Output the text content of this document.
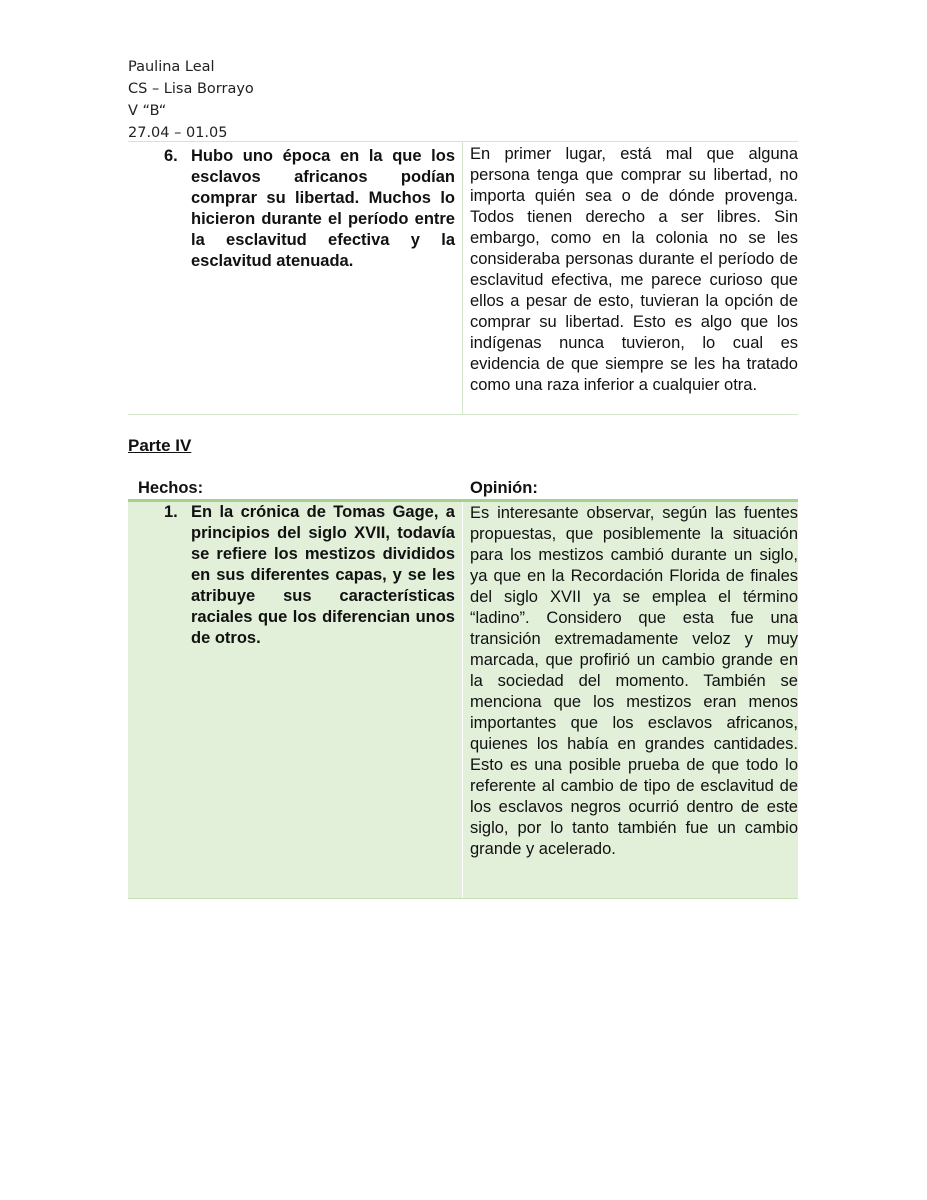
Paulina Leal
CS – Lisa Borrayo
V “B“
27.04 – 01.05
6. Hubo uno época en la que los esclavos africanos podían comprar su libertad. Muchos lo hicieron durante el período entre la esclavitud efectiva y la esclavitud atenuada.
En primer lugar, está mal que alguna persona tenga que comprar su libertad, no importa quién sea o de dónde provenga. Todos tienen derecho a ser libres. Sin embargo, como en la colonia no se les consideraba personas durante el período de esclavitud efectiva, me parece curioso que ellos a pesar de esto, tuvieran la opción de comprar su libertad. Esto es algo que los indígenas nunca tuvieron, lo cual es evidencia de que siempre se les ha tratado como una raza inferior a cualquier otra.
Parte IV
Hechos:	Opinión:
1. En la crónica de Tomas Gage, a principios del siglo XVII, todavía se refiere los mestizos divididos en sus diferentes capas, y se les atribuye sus características raciales que los diferencian unos de otros.
Es interesante observar, según las fuentes propuestas, que posiblemente la situación para los mestizos cambió durante un siglo, ya que en la Recordación Florida de finales del siglo XVII ya se emplea el término “ladino”. Considero que esta fue una transición extremadamente veloz y muy marcada, que profirió un cambio grande en la sociedad del momento. También se menciona que los mestizos eran menos importantes que los esclavos africanos, quienes los había en grandes cantidades. Esto es una posible prueba de que todo lo referente al cambio de tipo de esclavitud de los esclavos negros ocurrió dentro de este siglo, por lo tanto también fue un cambio grande y acelerado.
